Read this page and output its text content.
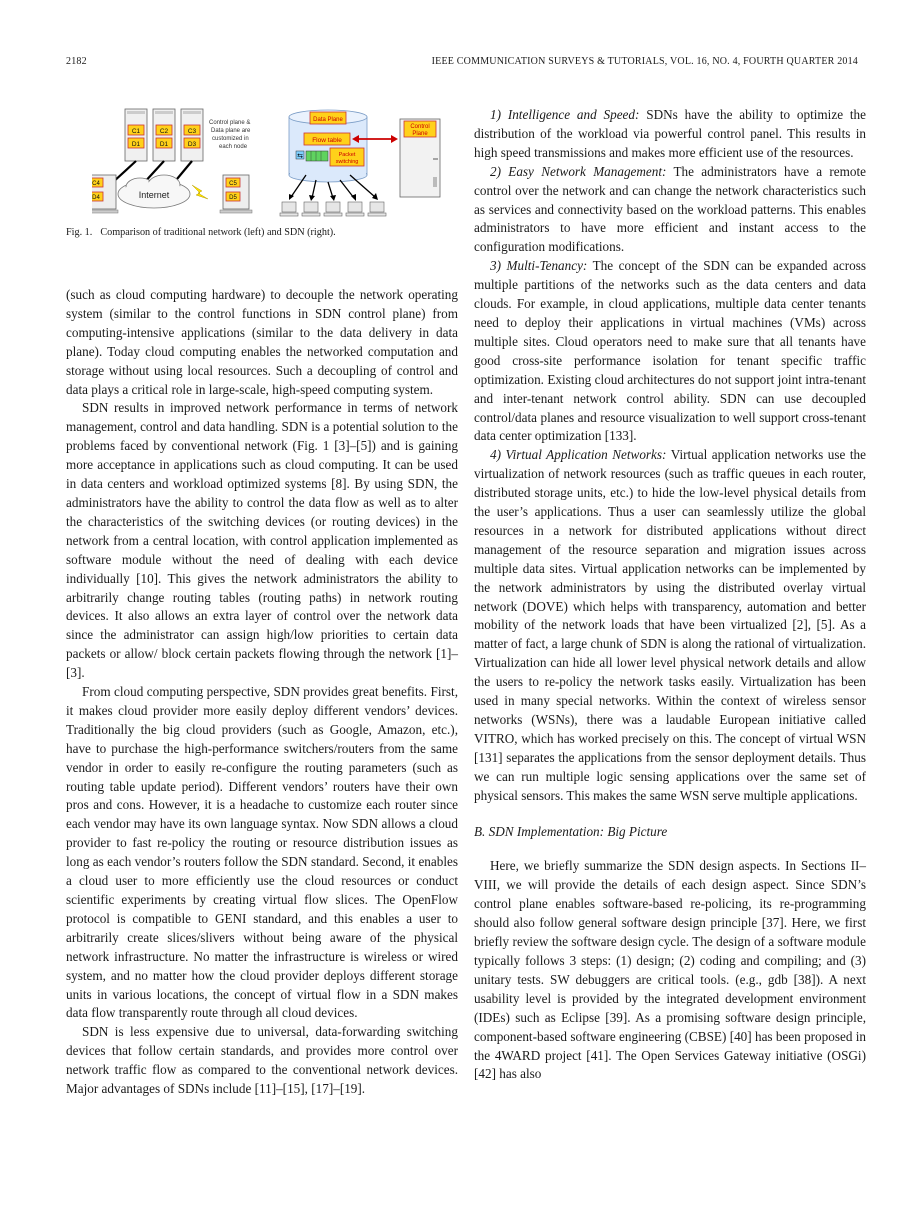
2182	IEEE COMMUNICATION SURVEYS & TUTORIALS, VOL. 16, NO. 4, FOURTH QUARTER 2014
C1
D1
C2
D1
C3
D3
Control plane &
Data plane are
customized in
each node
Internet
C4
D4
C5
D5
Data Plane
Flow table
⇆	Packet
switching
Control
Plane
Fig. 1. Comparison of traditional network (left) and SDN (right).

(such as cloud computing hardware) to decouple the network operating system (similar to the control functions in SDN control plane) from computing-intensive applications (similar to the data delivery in data plane). Today cloud computing enables the networked computation and storage without using local resources. Such a decoupling of control and data plays a critical role in large-scale, high-speed computing system.

SDN results in improved network performance in terms of network management, control and data handling. SDN is a potential solution to the problems faced by conventional network (Fig. 1 [3]–[5]) and is gaining more acceptance in applications such as cloud computing. It can be used in data centers and workload optimized systems [8]. By using SDN, the administrators have the ability to control the data flow as well as to alter the characteristics of the switching devices (or routing devices) in the network from a central location, with control application implemented as software module without the need of dealing with each device individually [10]. This gives the network administrators the ability to arbitrarily change routing tables (routing paths) in network routing devices. It also allows an extra layer of control over the network data since the administrator can assign high/low priorities to certain data packets or allow/ block certain packets flowing through the network [1]–[3].

From cloud computing perspective, SDN provides great benefits. First, it makes cloud provider more easily deploy different vendors’ devices. Traditionally the big cloud providers (such as Google, Amazon, etc.), have to purchase the high-performance switchers/routers from the same vendor in order to easily re-configure the routing parameters (such as routing table update period). Different vendors’ routers have their own pros and cons. However, it is a headache to customize each router since each vendor may have its own language syntax. Now SDN allows a cloud provider to fast re-policy the routing or resource distribution issues as long as each vendor’s routers follow the SDN standard. Second, it enables a cloud user to more efficiently use the cloud resources or conduct scientific experiments by creating virtual flow slices. The OpenFlow protocol is compatible to GENI standard, and this enables a user to arbitrarily create slices/slivers without being aware of the physical network infrastructure. No matter the infrastructure is wireless or wired system, and no matter how the cloud provider deploys different storage units in various locations, the concept of virtual flow in a SDN makes data flow transparently route through all cloud devices.

SDN is less expensive due to universal, data-forwarding switching devices that follow certain standards, and provides more control over network traffic flow as compared to the conventional network devices. Major advantages of SDNs include [11]–[15], [17]–[19].

1) Intelligence and Speed: SDNs have the ability to optimize the distribution of the workload via powerful control panel. This results in high speed transmissions and makes more efficient use of the resources.

2) Easy Network Management: The administrators have a remote control over the network and can change the network characteristics such as services and connectivity based on the workload patterns. This enables administrators to have more efficient and instant access to the configuration modifications.

3) Multi-Tenancy: The concept of the SDN can be expanded across multiple partitions of the networks such as the data centers and data clouds. For example, in cloud applications, multiple data center tenants need to deploy their applications in virtual machines (VMs) across multiple sites. Cloud operators need to make sure that all tenants have good cross-site performance isolation for tenant specific traffic optimization. Existing cloud architectures do not support joint intra-tenant and inter-tenant network control ability. SDN can use decoupled control/data planes and resource visualization to well support cross-tenant data center optimization [133].

4) Virtual Application Networks: Virtual application networks use the virtualization of network resources (such as traffic queues in each router, distributed storage units, etc.) to hide the low-level physical details from the user’s applications. Thus a user can seamlessly utilize the global resources in a network for distributed applications without direct management of the resource separation and migration issues across multiple data sites. Virtual application networks can be implemented by the network administrators by using the distributed overlay virtual network (DOVE) which helps with transparency, automation and better mobility of the network loads that have been virtualized [2], [5]. As a matter of fact, a large chunk of SDN is along the rational of virtualization. Virtualization can hide all lower level physical network details and allow the users to re-policy the network tasks easily. Virtualization has been used in many special networks. Within the context of wireless sensor networks (WSNs), there was a laudable European initiative called VITRO, which has worked precisely on this. The concept of virtual WSN [131] separates the applications from the sensor deployment details. Thus we can run multiple logic sensing applications over the same set of physical sensors. This makes the same WSN serve multiple applications.

B. SDN Implementation: Big Picture

Here, we briefly summarize the SDN design aspects. In Sections II–VIII, we will provide the details of each design aspect. Since SDN’s control plane enables software-based re-policing, its re-programming should also follow general software design principle [37]. Here, we first briefly review the software design cycle. The design of a software module typically follows 3 steps: (1) design; (2) coding and compiling; and (3) unitary tests. SW debuggers are critical tools. (e.g., gdb [38]). A next usability level is provided by the integrated development environment (IDEs) such as Eclipse [39]. As a promising software design principle, component-based software engineering (CBSE) [40] has been proposed in the 4WARD project [41]. The Open Services Gateway initiative (OSGi) [42] has also
